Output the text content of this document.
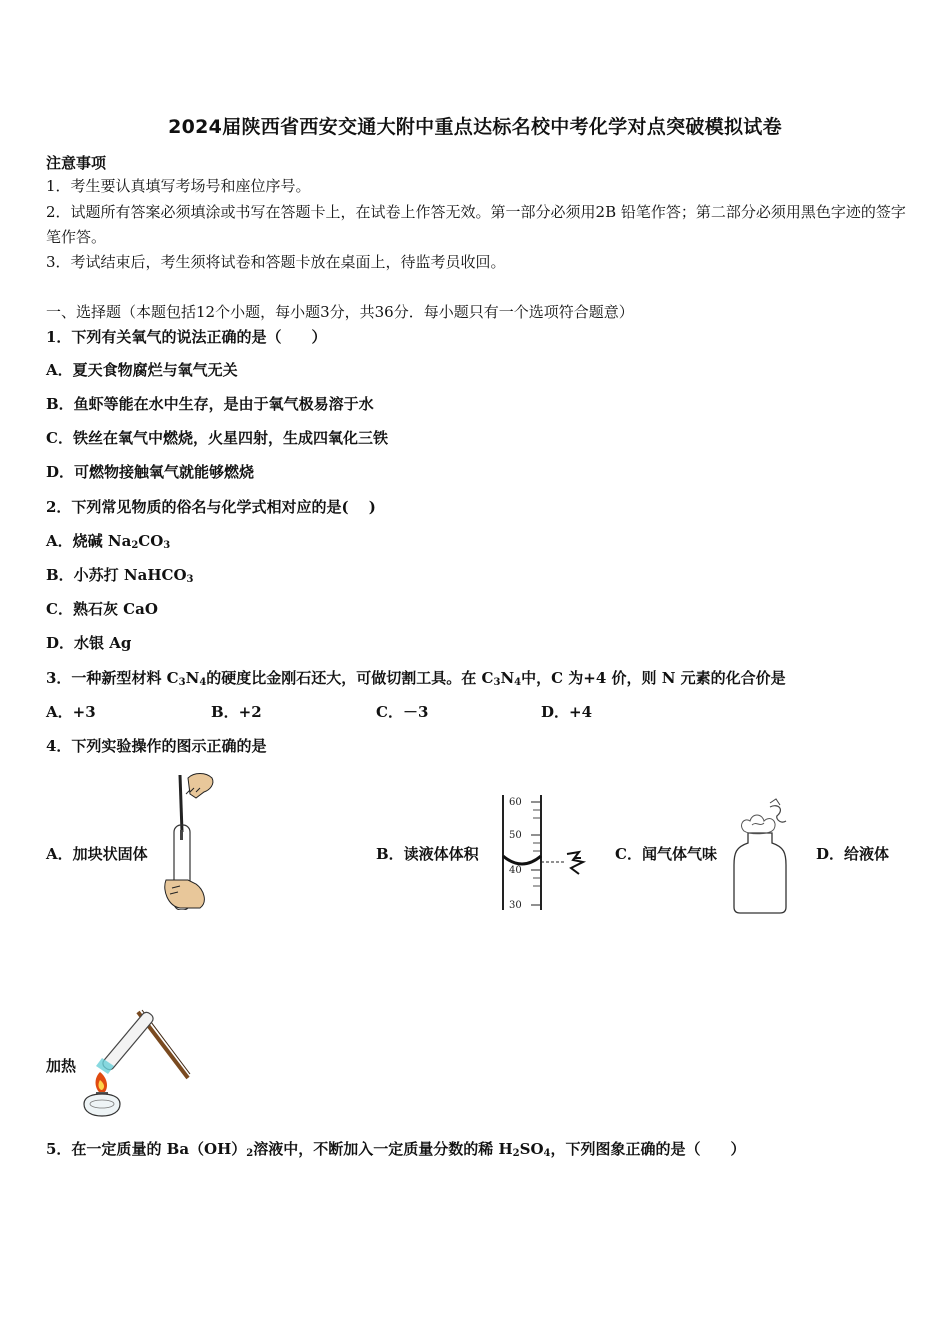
2024届陕西省西安交通大附中重点达标名校中考化学对点突破模拟试卷
注意事项
1．考生要认真填写考场号和座位序号。
2．试题所有答案必须填涂或书写在答题卡上，在试卷上作答无效。第一部分必须用2B 铅笔作答；第二部分必须用黑色字迹的签字笔作答。
3．考试结束后，考生须将试卷和答题卡放在桌面上，待监考员收回。
一、选择题（本题包括12个小题，每小题3分，共36分．每小题只有一个选项符合题意）
1．下列有关氧气的说法正确的是（　　）
A．夏天食物腐烂与氧气无关
B．鱼虾等能在水中生存，是由于氧气极易溶于水
C．铁丝在氧气中燃烧，火星四射，生成四氧化三铁
D．可燃物接触氧气就能够燃烧
2．下列常见物质的俗名与化学式相对应的是(　 )
A．烧碱 $Na_2CO_3$
B．小苏打 NaHCO$_3$
C．熟石灰 CaO
D．水银 Ag
3．一种新型材料 $C_3N_4$的硬度比金刚石还大，可做切割工具。在 $C_3N_4$中，C 为+4 价，则 N 元素的化合价是
A．+3	B．+2	C．－3	D．+4
4．下列实验操作的图示正确的是
A．加块状固体	B．读液体体积	C．闻气体气味	D．给液体
加热
60
50
40
30
5．在一定质量的 $Ba(OH)_2$溶液中，不断加入一定质量分数的稀 $H_2SO_4$，下列图象正确的是（　　）
